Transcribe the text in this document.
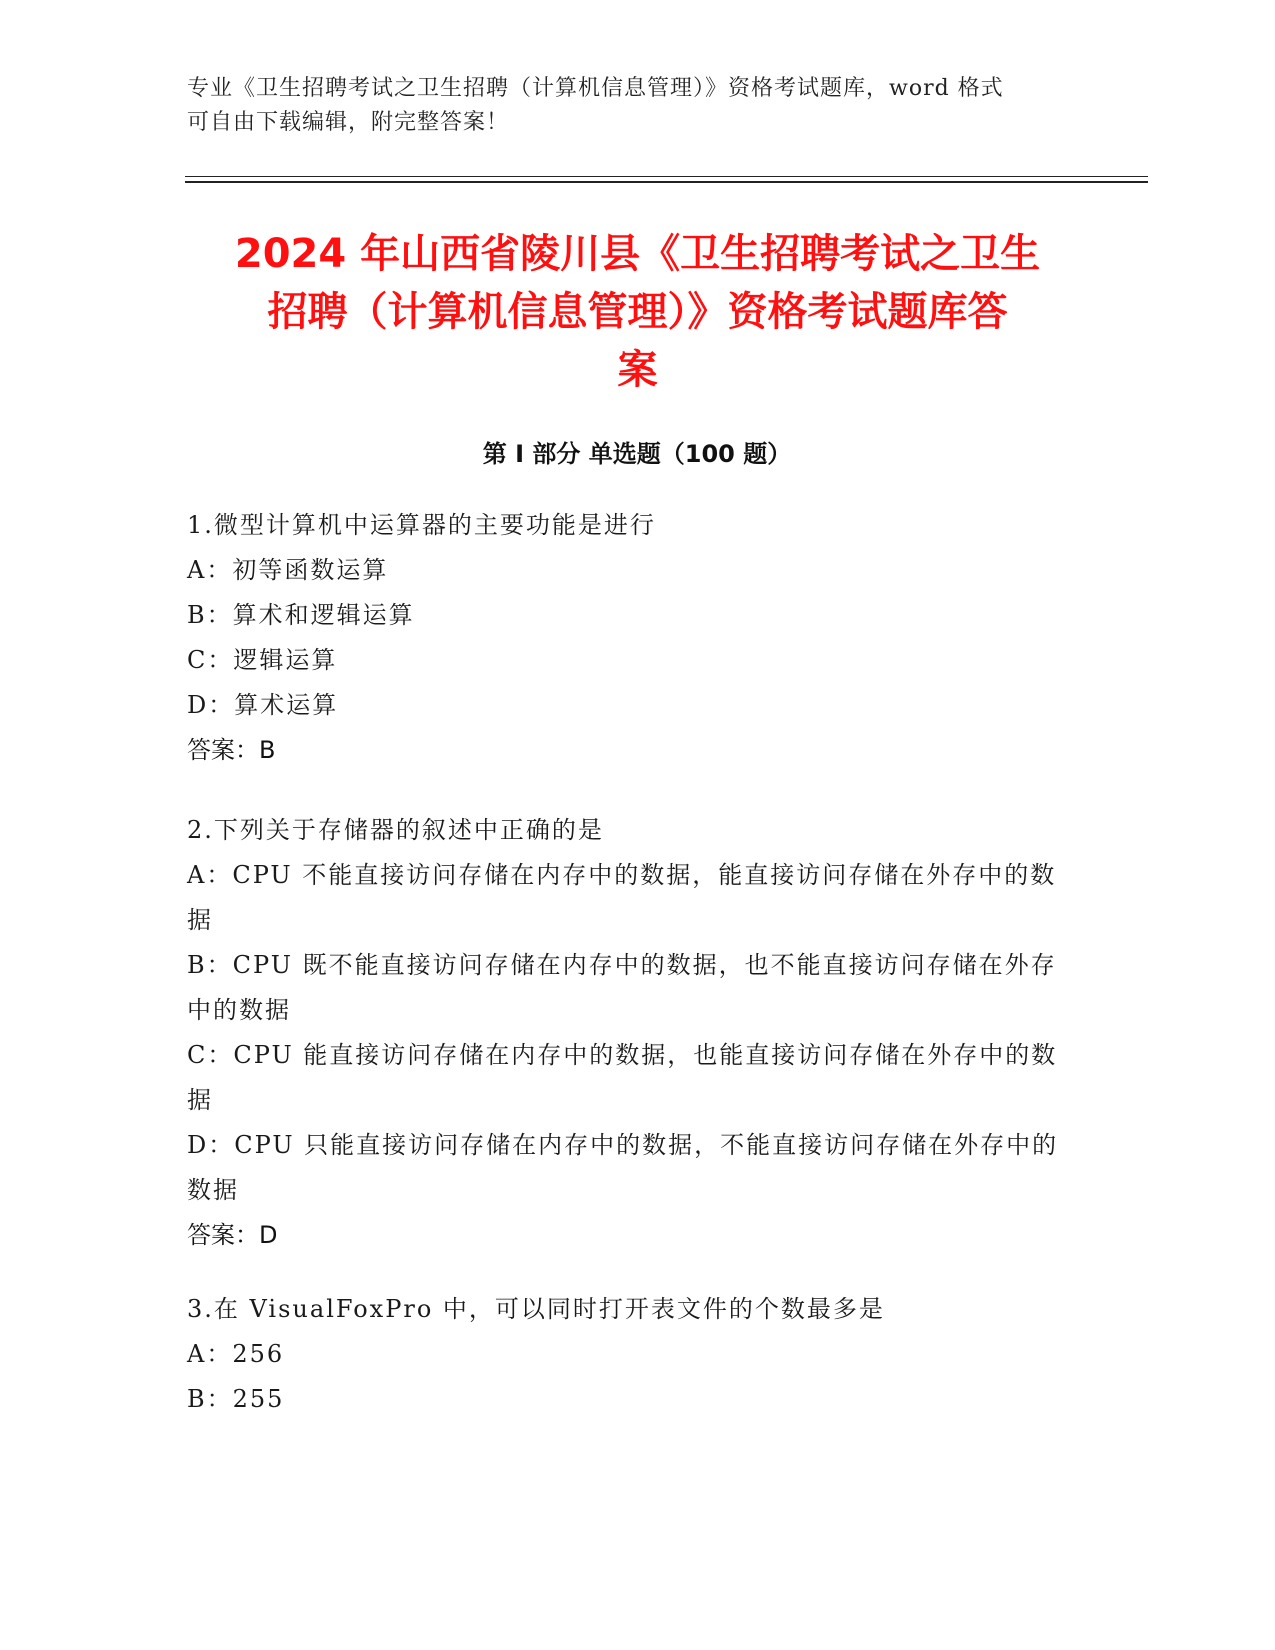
专业《卫生招聘考试之卫生招聘（计算机信息管理）》资格考试题库，word 格式
可自由下载编辑，附完整答案！
2024 年山西省陵川县《卫生招聘考试之卫生
招聘（计算机信息管理）》资格考试题库答
案
第 I 部分 单选题（100 题）
1.微型计算机中运算器的主要功能是进行
A：初等函数运算
B：算术和逻辑运算
C：逻辑运算
D：算术运算
答案：B
2.下列关于存储器的叙述中正确的是
A：CPU 不能直接访问存储在内存中的数据，能直接访问存储在外存中的数据
B：CPU 既不能直接访问存储在内存中的数据，也不能直接访问存储在外存中的数据
C：CPU 能直接访问存储在内存中的数据，也能直接访问存储在外存中的数据
D：CPU 只能直接访问存储在内存中的数据，不能直接访问存储在外存中的数据
答案：D
3.在 VisualFoxPro 中，可以同时打开表文件的个数最多是
A：256
B：255
